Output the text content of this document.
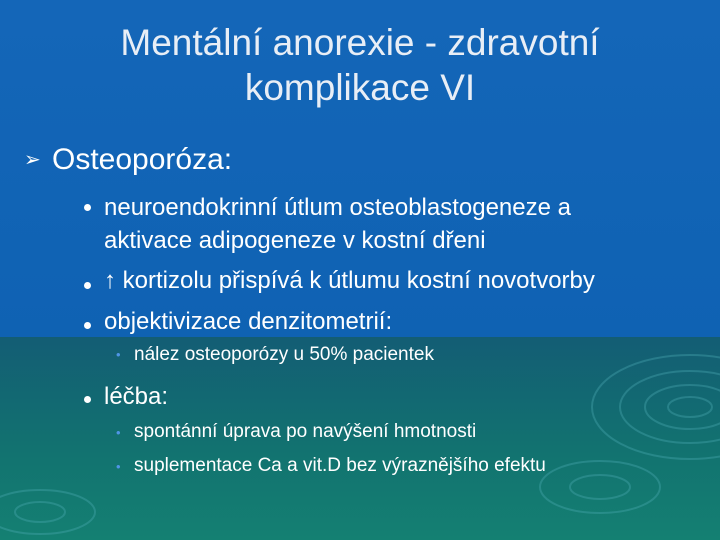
Mentální anorexie - zdravotní
komplikace VI
➢ Osteoporóza:
neuroendokrinní útlum osteoblastogeneze a
aktivace adipogeneze v kostní dřeni
↑ kortizolu přispívá k útlumu kostní novotvorby
objektivizace denzitometrií:
• nález osteoporózy u 50% pacientek
léčba:
• spontánní úprava po navýšení hmotnosti
• suplementace Ca a vit.D bez výraznějšího efektu
